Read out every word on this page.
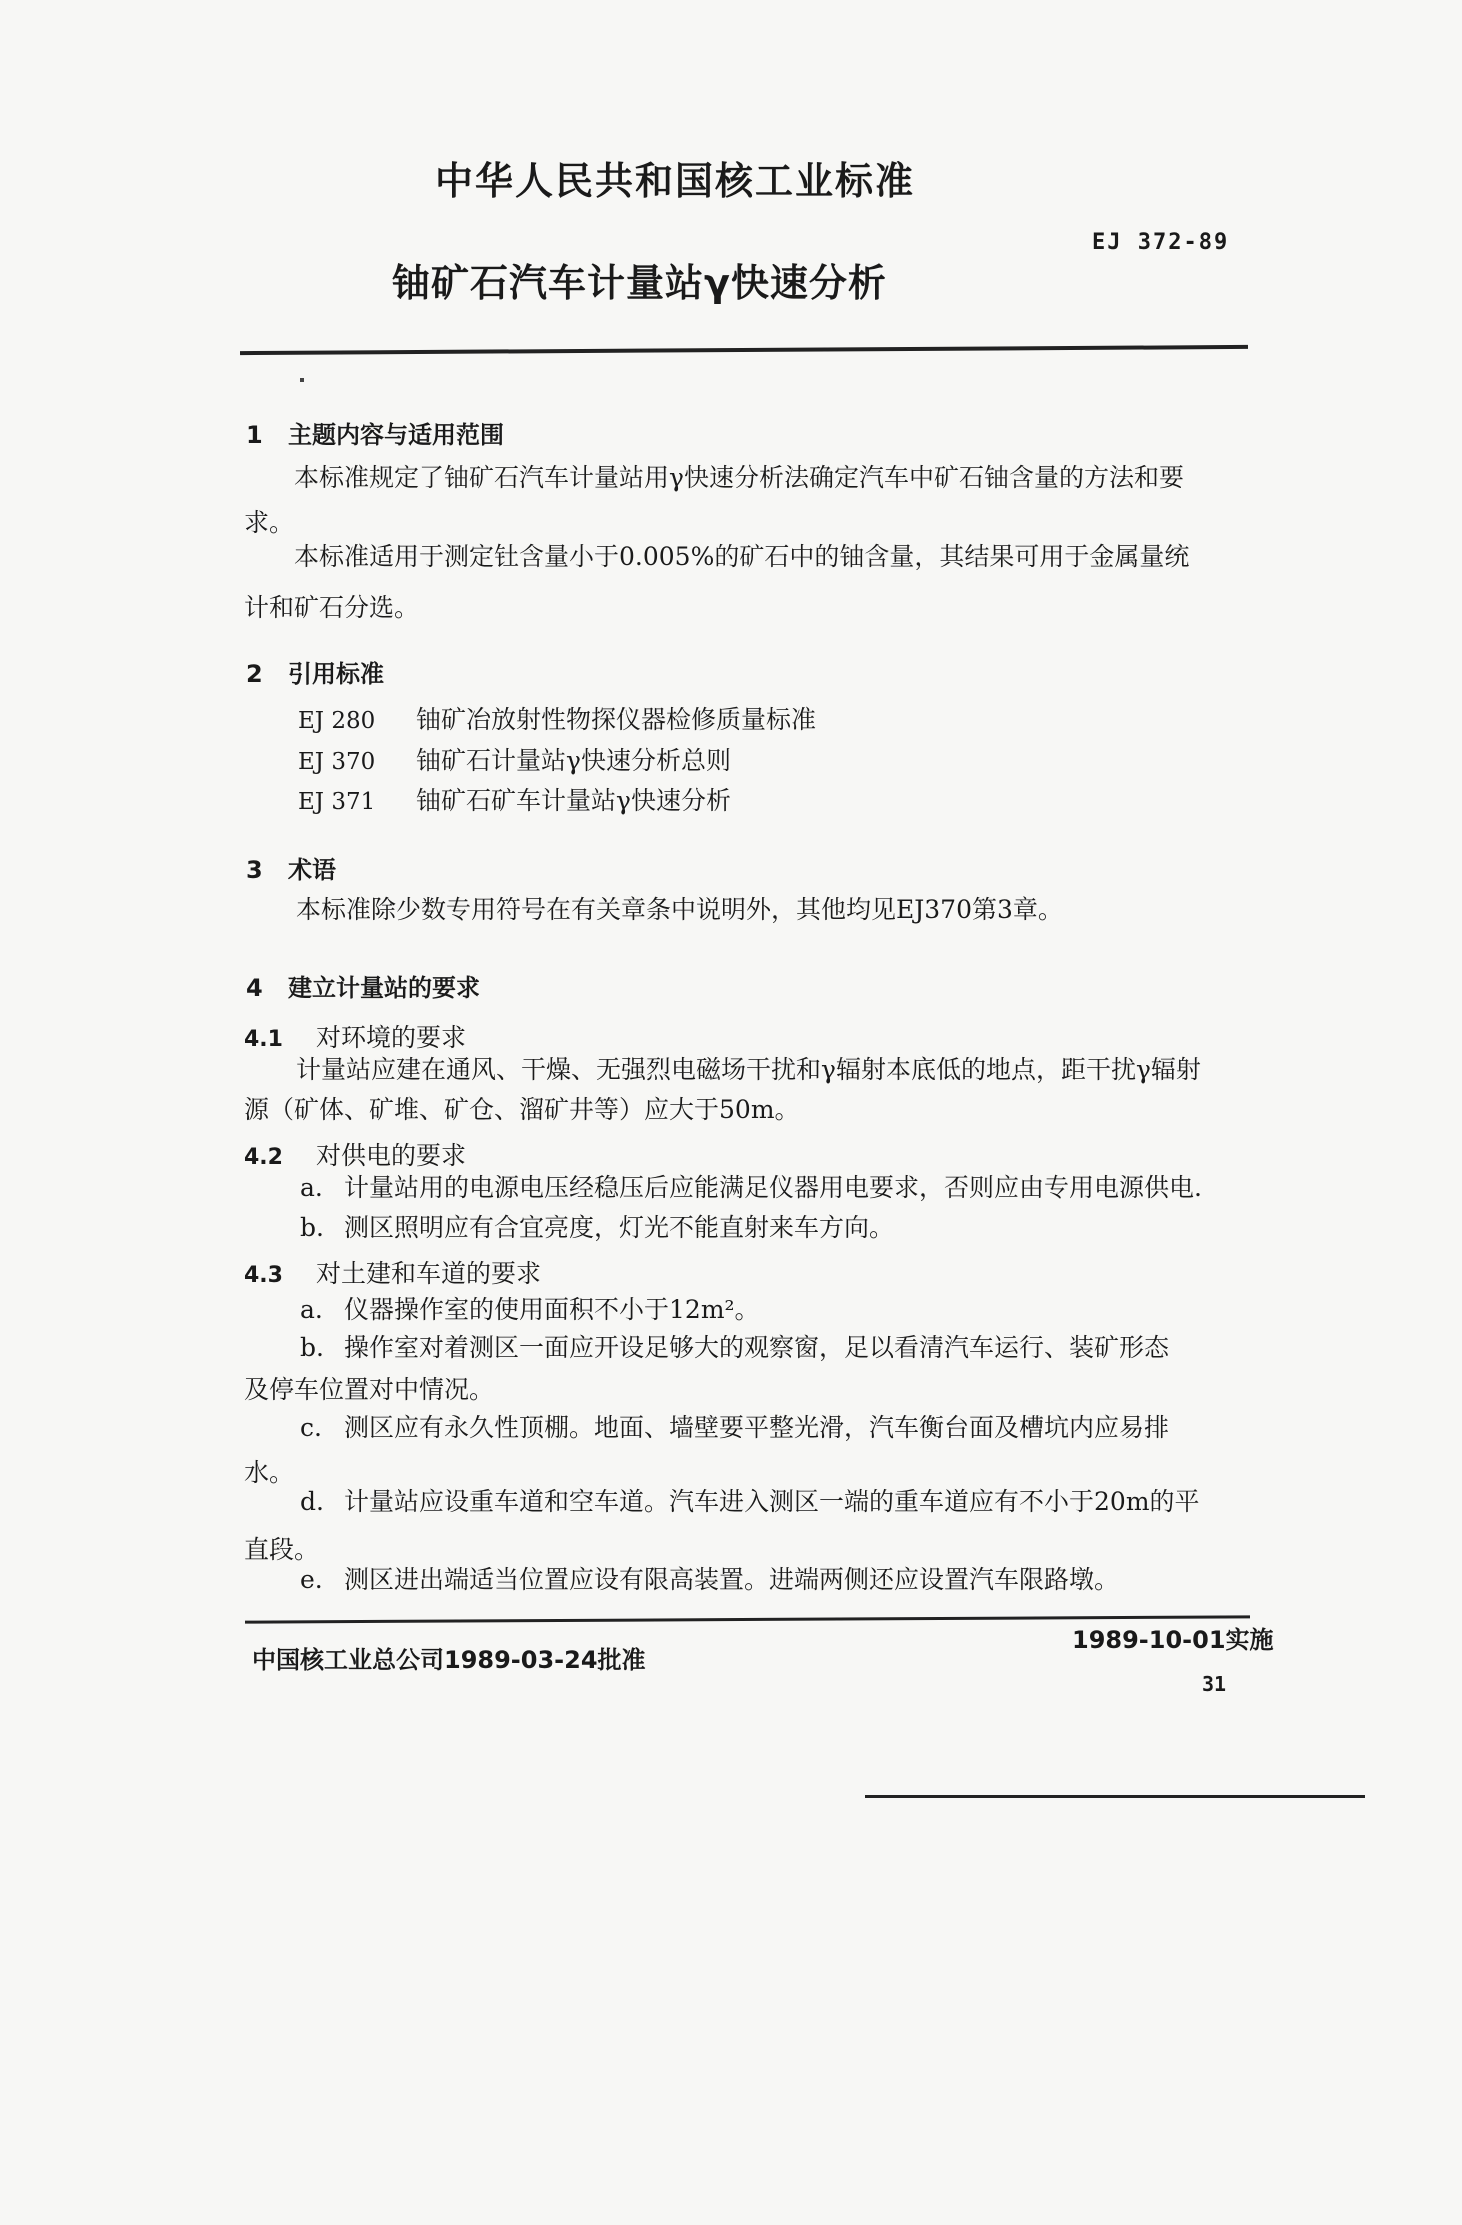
中华人民共和国核工业标准
EJ 372-89
铀矿石汽车计量站γ快速分析
1 主题内容与适用范围
本标准规定了铀矿石汽车计量站用γ快速分析法确定汽车中矿石铀含量的方法和要
求。
本标准适用于测定钍含量小于0.005%的矿石中的铀含量，其结果可用于金属量统
计和矿石分选。
2 引用标准
EJ 280 铀矿冶放射性物探仪器检修质量标准
EJ 370 铀矿石计量站γ快速分析总则
EJ 371 铀矿石矿车计量站γ快速分析
3 术语
本标准除少数专用符号在有关章条中说明外，其他均见EJ370第3章。
4 建立计量站的要求
4.1 对环境的要求
计量站应建在通风、干燥、无强烈电磁场干扰和γ辐射本底低的地点，距干扰γ辐射
源（矿体、矿堆、矿仓、溜矿井等）应大于50m。
4.2 对供电的要求
a. 计量站用的电源电压经稳压后应能满足仪器用电要求，否则应由专用电源供电.
b. 测区照明应有合宜亮度，灯光不能直射来车方向。
4.3 对土建和车道的要求
a. 仪器操作室的使用面积不小于12m²。
b. 操作室对着测区一面应开设足够大的观察窗，足以看清汽车运行、装矿形态
及停车位置对中情况。
c. 测区应有永久性顶棚。地面、墙壁要平整光滑，汽车衡台面及槽坑内应易排
水。
d. 计量站应设重车道和空车道。汽车进入测区一端的重车道应有不小于20m的平
直段。
e. 测区进出端适当位置应设有限高装置。进端两侧还应设置汽车限路墩。
中国核工业总公司1989-03-24批准
1989-10-01实施
31
